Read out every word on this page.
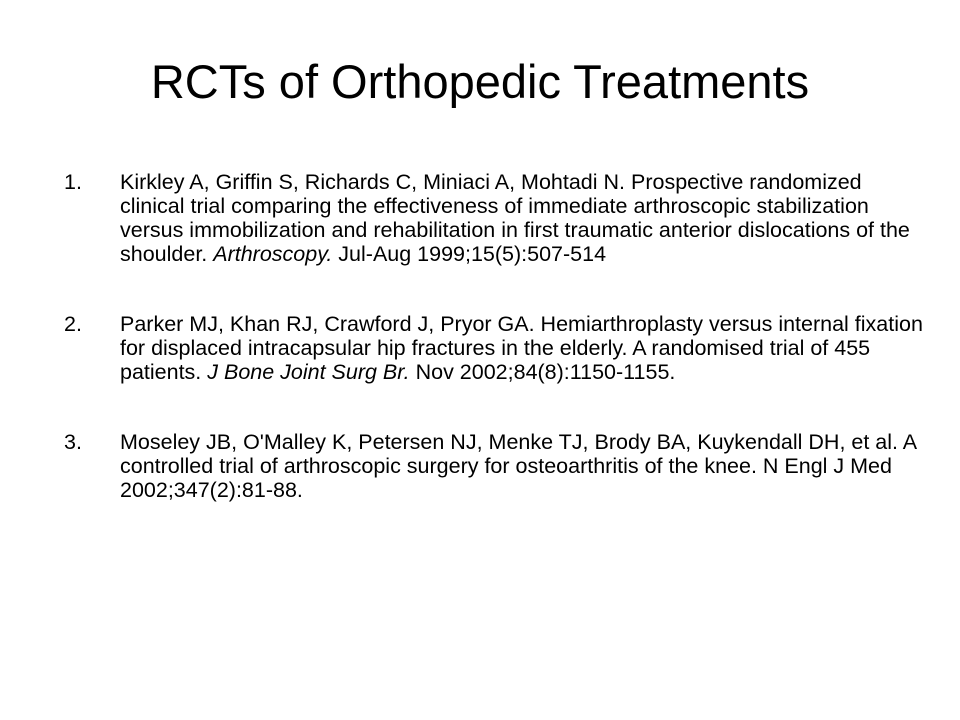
RCTs of Orthopedic Treatments
1. Kirkley A, Griffin S, Richards C, Miniaci A, Mohtadi N. Prospective randomized clinical trial comparing the effectiveness of immediate arthroscopic stabilization versus immobilization and rehabilitation in first traumatic anterior dislocations of the shoulder. Arthroscopy. Jul-Aug 1999;15(5):507-514
2. Parker MJ, Khan RJ, Crawford J, Pryor GA. Hemiarthroplasty versus internal fixation for displaced intracapsular hip fractures in the elderly. A randomised trial of 455 patients. J Bone Joint Surg Br. Nov 2002;84(8):1150-1155.
3. Moseley JB, O'Malley K, Petersen NJ, Menke TJ, Brody BA, Kuykendall DH, et al. A controlled trial of arthroscopic surgery for osteoarthritis of the knee. N Engl J Med 2002;347(2):81-88.
